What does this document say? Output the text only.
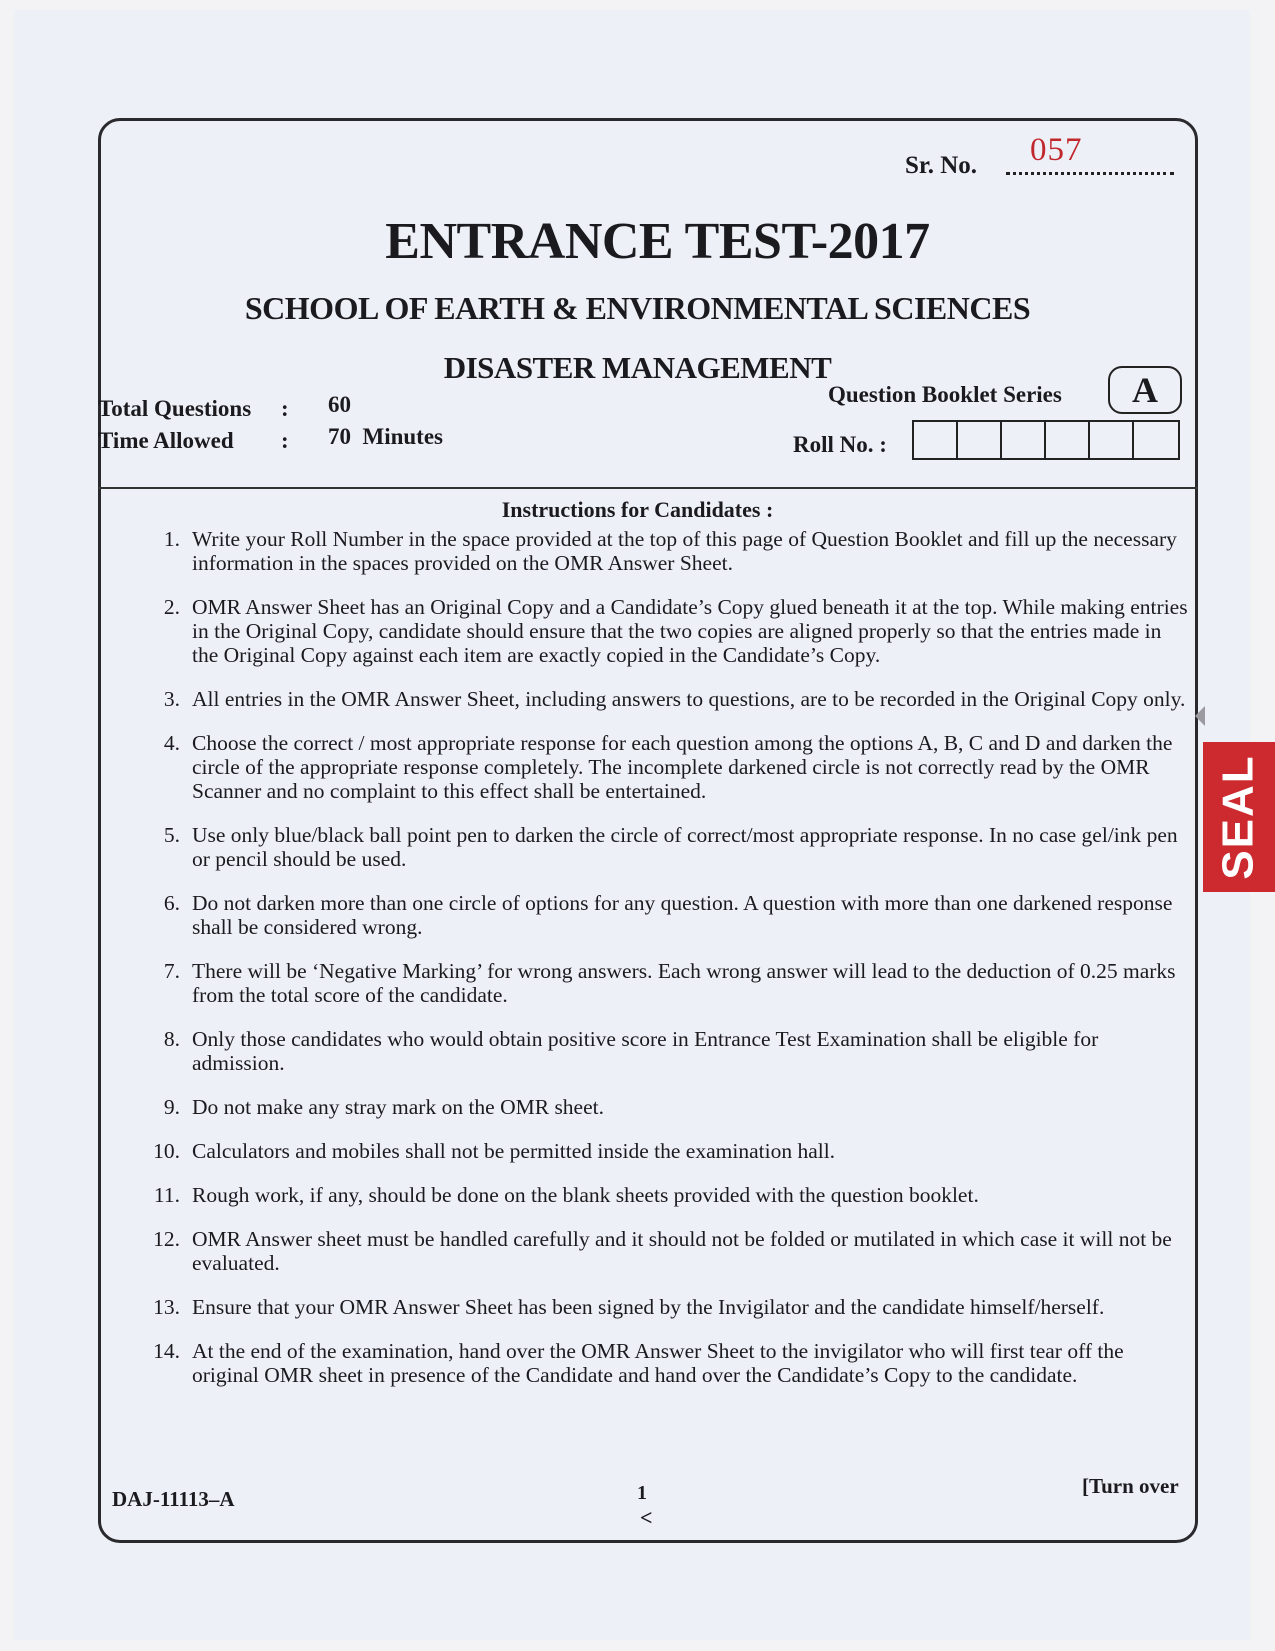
Sr. No. 057
ENTRANCE TEST-2017
SCHOOL OF EARTH & ENVIRONMENTAL SCIENCES
DISASTER MANAGEMENT
Question Booklet Series	A
Total Questions : 60
Time Allowed : 70  Minutes	Roll No. :
Instructions for Candidates :
1. Write your Roll Number in the space provided at the top of this page of Question Booklet and fill up the necessary information in the spaces provided on the OMR Answer Sheet.
2. OMR Answer Sheet has an Original Copy and a Candidate’s Copy glued beneath it at the top. While making entries in the Original Copy, candidate should ensure that the two copies are aligned properly so that the entries made in the Original Copy against each item are exactly copied in the Candidate’s Copy.
3. All entries in the OMR Answer Sheet, including answers to questions, are to be recorded in the Original Copy only.
4. Choose the correct / most appropriate response for each question among the options A, B, C and D and darken the circle of the appropriate response completely. The incomplete darkened circle is not correctly read by the OMR Scanner and no complaint to this effect shall be entertained.
5. Use only blue/black ball point pen to darken the circle of correct/most appropriate response. In no case gel/ink pen or pencil should be used.
6. Do not darken more than one circle of options for any question. A question with more than one darkened response shall be considered wrong.
7. There will be ‘Negative Marking’ for wrong answers. Each wrong answer will lead to the deduction of 0.25 marks from the total score of the candidate.
8. Only those candidates who would obtain positive score in Entrance Test Examination shall be eligible for admission.
9. Do not make any stray mark on the OMR sheet.
10. Calculators and mobiles shall not be permitted inside the examination hall.
11. Rough work, if any, should be done on the blank sheets provided with the question booklet.
12. OMR Answer sheet must be handled carefully and it should not be folded or mutilated in which case it will not be evaluated.
13. Ensure that your OMR Answer Sheet has been signed by the Invigilator and the candidate himself/herself.
14. At the end of the examination, hand over the OMR Answer Sheet to the invigilator who will first tear off the original OMR sheet in presence of the Candidate and hand over the Candidate’s Copy to the candidate.
DAJ-11113–A	1	[Turn over
<
SEAL
